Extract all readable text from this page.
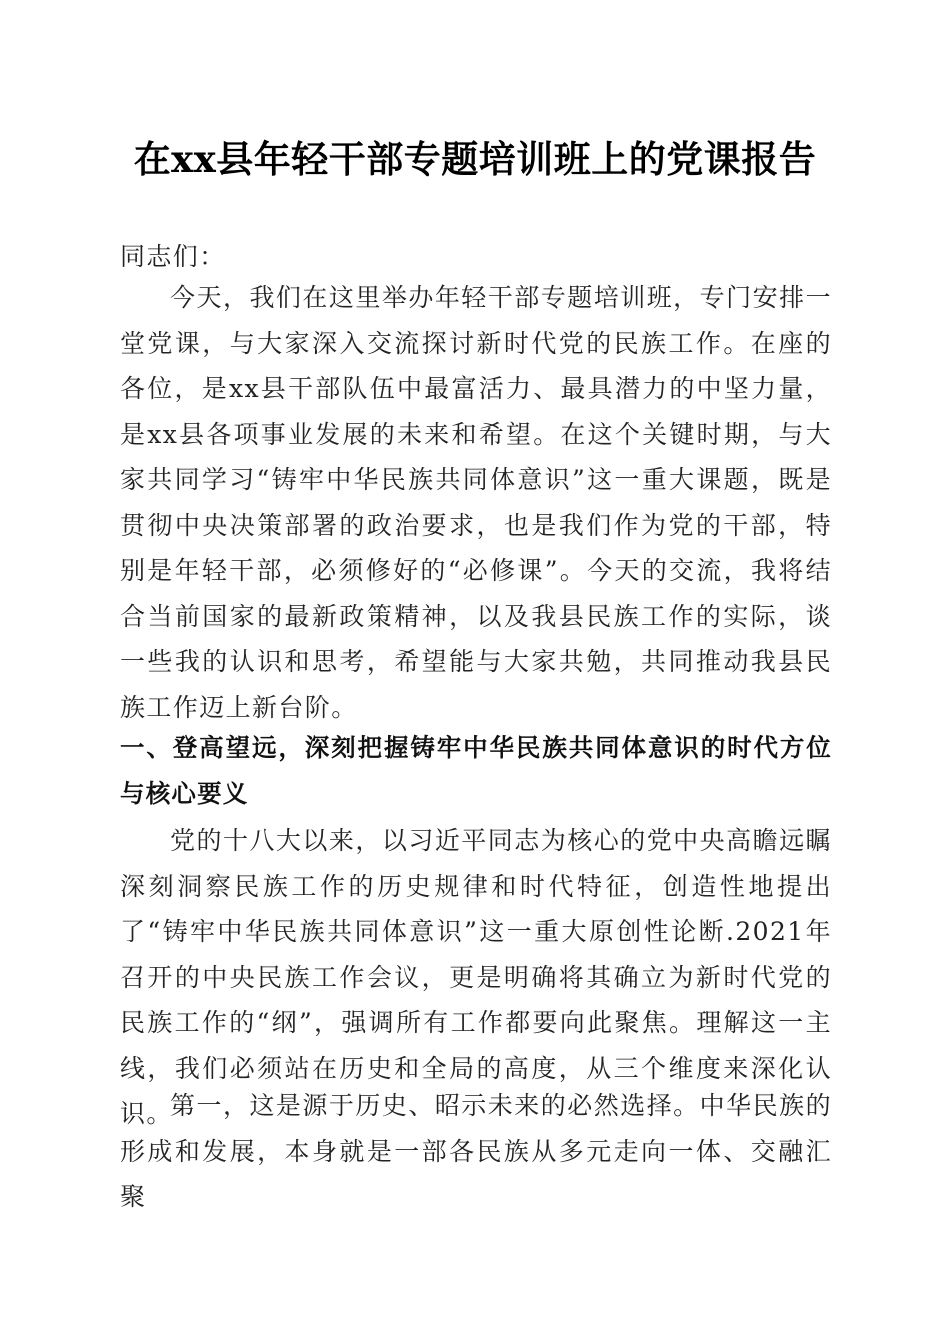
在xx县年轻干部专题培训班上的党课报告
同志们：
今天，我们在这里举办年轻干部专题培训班，专门安排一堂党课，与大家深入交流探讨新时代党的民族工作。在座的各位，是xx县干部队伍中最富活力、最具潜力的中坚力量，是xx县各项事业发展的未来和希望。在这个关键时期，与大家共同学习“铸牢中华民族共同体意识”这一重大课题，既是贯彻中央决策部署的政治要求，也是我们作为党的干部，特别是年轻干部，必须修好的“必修课”。今天的交流，我将结合当前国家的最新政策精神，以及我县民族工作的实际，谈一些我的认识和思考，希望能与大家共勉，共同推动我县民族工作迈上新台阶。
一、登高望远，深刻把握铸牢中华民族共同体意识的时代方位与核心要义
党的十八大以来，以习近平同志为核心的党中央高瞻远瞩深刻洞察民族工作的历史规律和时代特征，创造性地提出了“铸牢中华民族共同体意识”这一重大原创性论断.2021年召开的中央民族工作会议，更是明确将其确立为新时代党的民族工作的“纲”，强调所有工作都要向此聚焦。理解这一主线，我们必须站在历史和全局的高度，从三个维度来深化认识。
第一，这是源于历史、昭示未来的必然选择。中华民族的形成和发展，本身就是一部各民族从多元走向一体、交融汇聚
